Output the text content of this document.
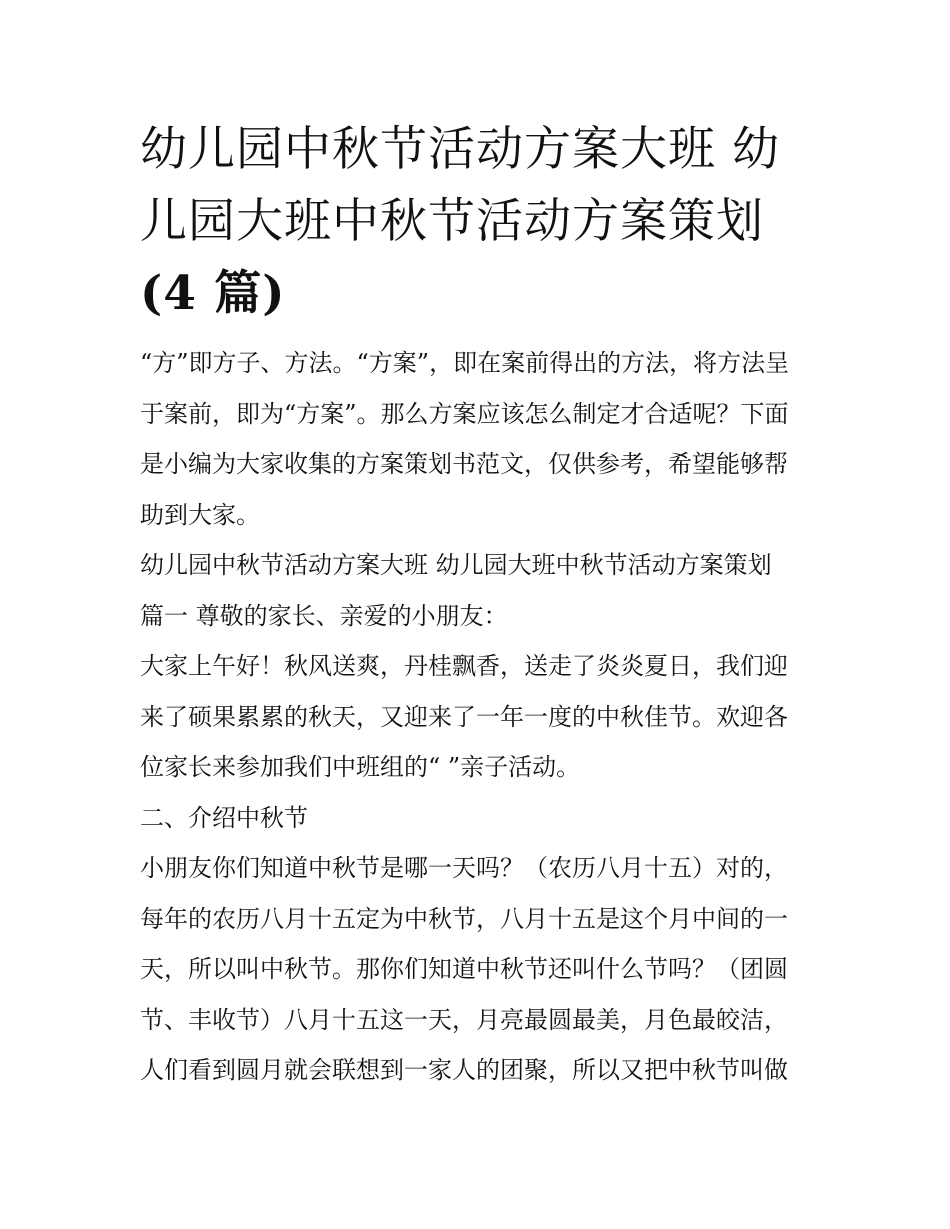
幼儿园中秋节活动方案大班 幼
儿园大班中秋节活动方案策划
(4 篇)
“方”即方子、方法。“方案”，即在案前得出的方法，将方法呈
于案前，即为“方案”。那么方案应该怎么制定才合适呢？下面
是小编为大家收集的方案策划书范文，仅供参考，希望能够帮
助到大家。
幼儿园中秋节活动方案大班 幼儿园大班中秋节活动方案策划
篇一 尊敬的家长、亲爱的小朋友：
大家上午好！秋风送爽，丹桂飘香，送走了炎炎夏日，我们迎
来了硕果累累的秋天，又迎来了一年一度的中秋佳节。欢迎各
位家长来参加我们中班组的“ ”亲子活动。
二、介绍中秋节
小朋友你们知道中秋节是哪一天吗？（农历八月十五）对的，
每年的农历八月十五定为中秋节，八月十五是这个月中间的一
天，所以叫中秋节。那你们知道中秋节还叫什么节吗？（团圆
节、丰收节）八月十五这一天，月亮最圆最美，月色最皎洁，
人们看到圆月就会联想到一家人的团聚，所以又把中秋节叫做
